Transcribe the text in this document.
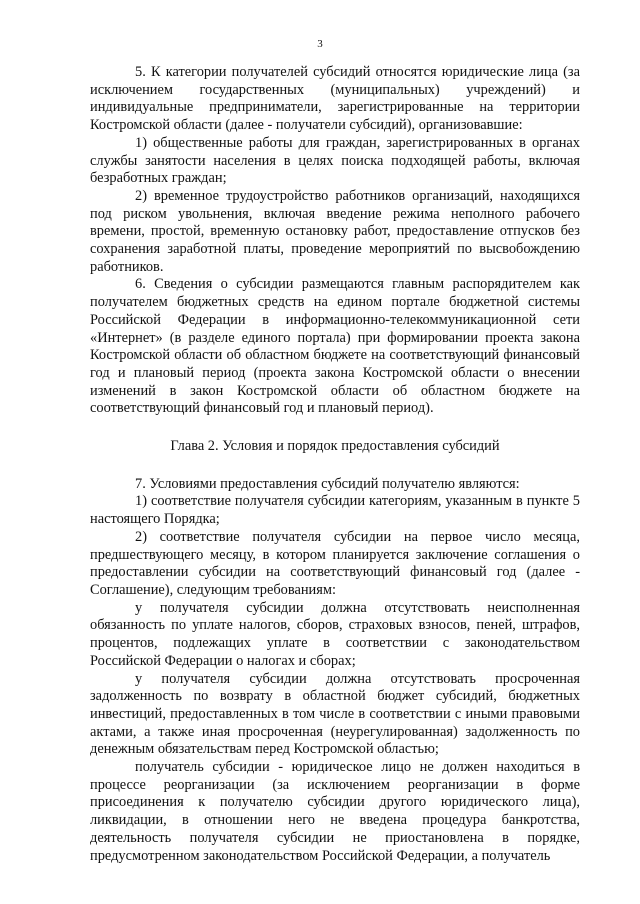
3

5. К категории получателей субсидий относятся юридические лица (за исключением государственных (муниципальных) учреждений) и индивидуальные предприниматели, зарегистрированные на территории Костромской области (далее - получатели субсидий), организовавшие:

1) общественные работы для граждан, зарегистрированных в органах службы занятости населения в целях поиска подходящей работы, включая безработных граждан;

2) временное трудоустройство работников организаций, находящихся под риском увольнения, включая введение режима неполного рабочего времени, простой, временную остановку работ, предоставление отпусков без сохранения заработной платы, проведение мероприятий по высвобождению работников.

6. Сведения о субсидии размещаются главным распорядителем как получателем бюджетных средств на едином портале бюджетной системы Российской Федерации в информационно-телекоммуникационной сети «Интернет» (в разделе единого портала) при формировании проекта закона Костромской области об областном бюджете на соответствующий финансовый год и плановый период (проекта закона Костромской области о внесении изменений в закон Костромской области об областном бюджете на соответствующий финансовый год и плановый период).

Глава 2. Условия и порядок предоставления субсидий

7. Условиями предоставления субсидий получателю являются:

1) соответствие получателя субсидии категориям, указанным в пункте 5 настоящего Порядка;

2) соответствие получателя субсидии на первое число месяца, предшествующего месяцу, в котором планируется заключение соглашения о предоставлении субсидии на соответствующий финансовый год (далее - Соглашение), следующим требованиям:

у получателя субсидии должна отсутствовать неисполненная обязанность по уплате налогов, сборов, страховых взносов, пеней, штрафов, процентов, подлежащих уплате в соответствии с законодательством Российской Федерации о налогах и сборах;

у получателя субсидии должна отсутствовать просроченная задолженность по возврату в областной бюджет субсидий, бюджетных инвестиций, предоставленных в том числе в соответствии с иными правовыми актами, а также иная просроченная (неурегулированная) задолженность по денежным обязательствам перед Костромской областью;

получатель субсидии - юридическое лицо не должен находиться в процессе реорганизации (за исключением реорганизации в форме присоединения к получателю субсидии другого юридического лица), ликвидации, в отношении него не введена процедура банкротства, деятельность получателя субсидии не приостановлена в порядке, предусмотренном законодательством Российской Федерации, а получатель
